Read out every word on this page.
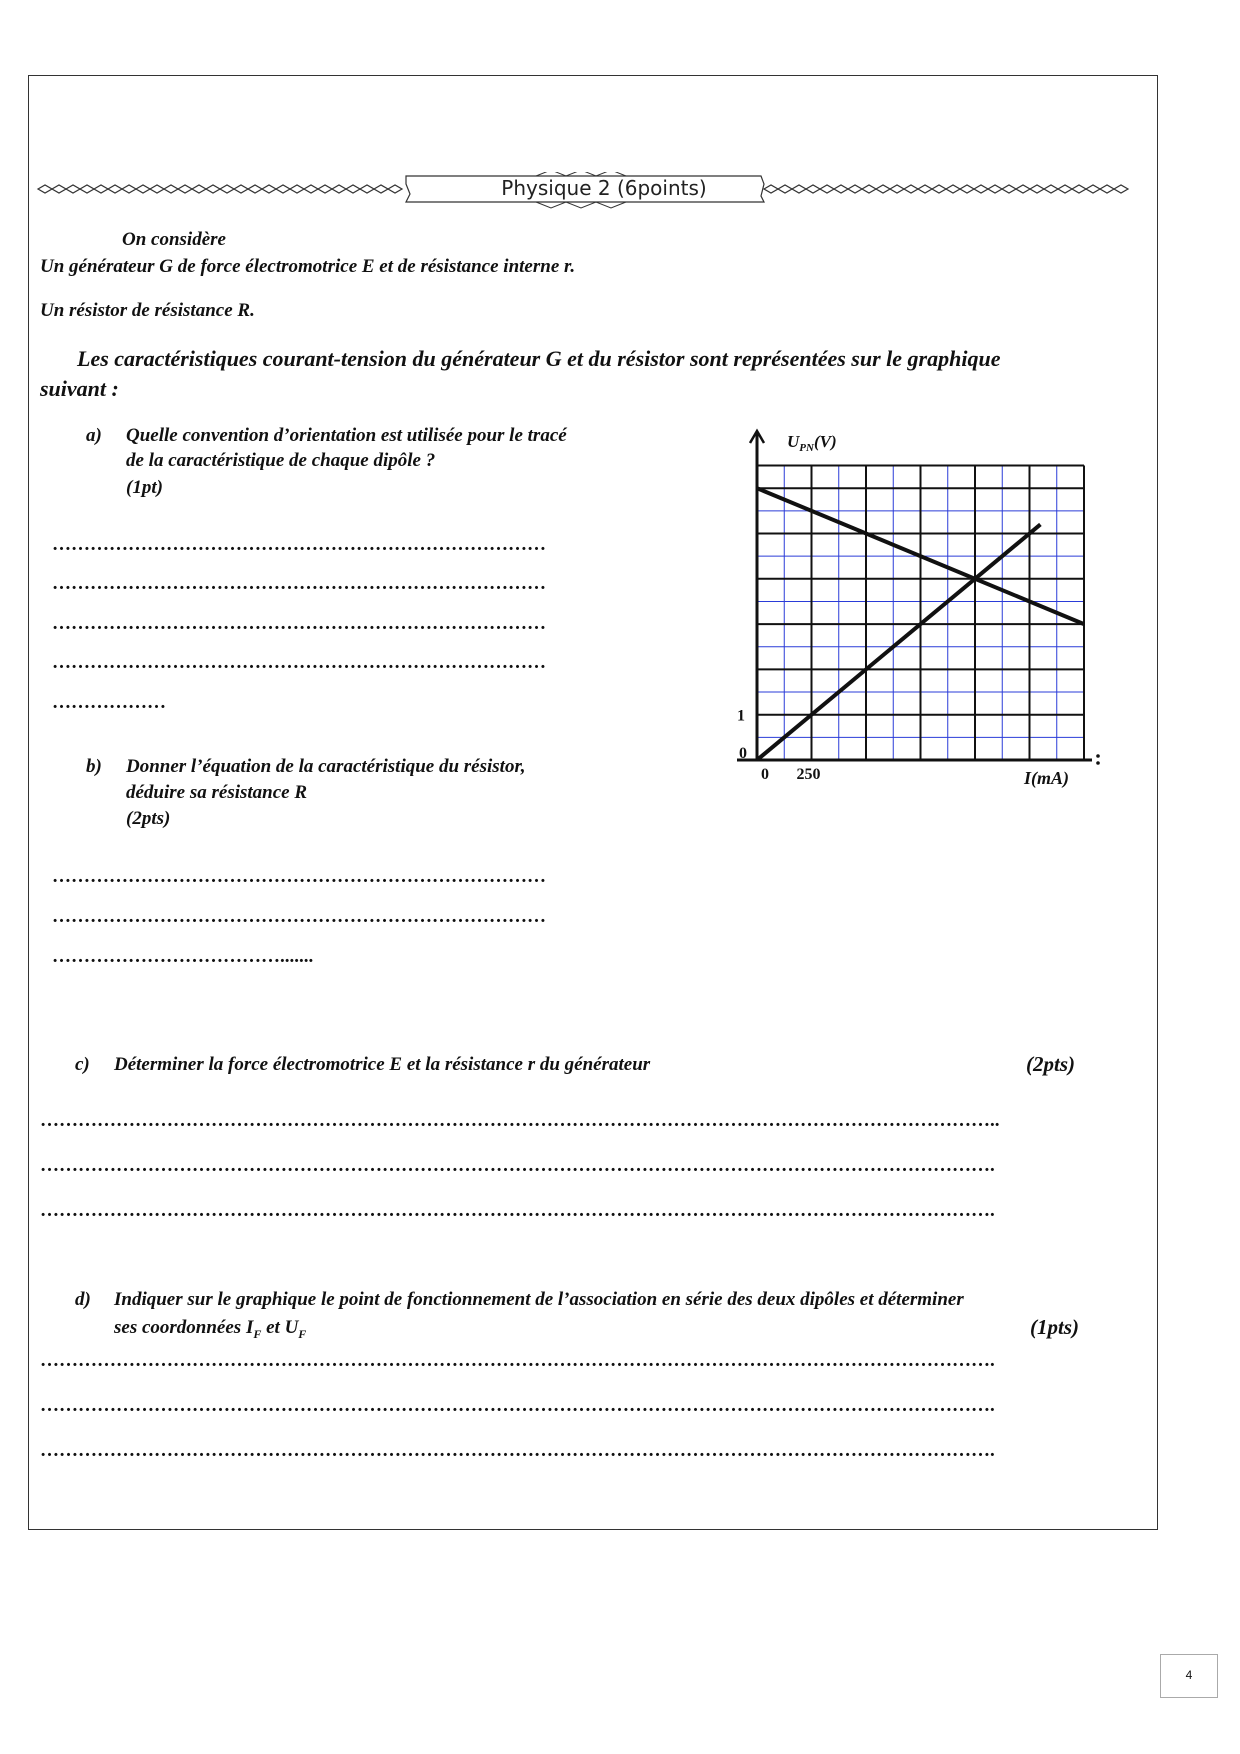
Physique 2 (6points)
On considère
Un générateur G de force électromotrice E et de résistance interne r.
Un résistor de résistance R.
Les caractéristiques courant-tension du générateur G et du résistor sont représentées sur le graphique
suivant :
a) Quelle convention d’orientation est utilisée pour le tracé
de la caractéristique de chaque dipôle ?
(1pt)
……………………………………………………………………
……………………………………………………………………
……………………………………………………………………
……………………………………………………………………
………………
b) Donner l’équation de la caractéristique du résistor,
déduire sa résistance R
(2pts)
……………………………………………………………………
……………………………………………………………………
……………………………….......
c) Déterminer la force électromotrice E et la résistance r du générateur	(2pts)
……………………………………………………………………………………………………………………………………..
…………………………………………………………………………………………………………………………………….
…………………………………………………………………………………………………………………………………….
d) Indiquer sur le graphique le point de fonctionnement de l’association en série des deux dipôles et déterminer
ses coordonnées $I_F$ et $U_F$	(1pts)
…………………………………………………………………………………………………………………………………….
…………………………………………………………………………………………………………………………………….
…………………………………………………………………………………………………………………………………….
0 250
0
1
$U_{PN}(V)$
I(mA)
4
